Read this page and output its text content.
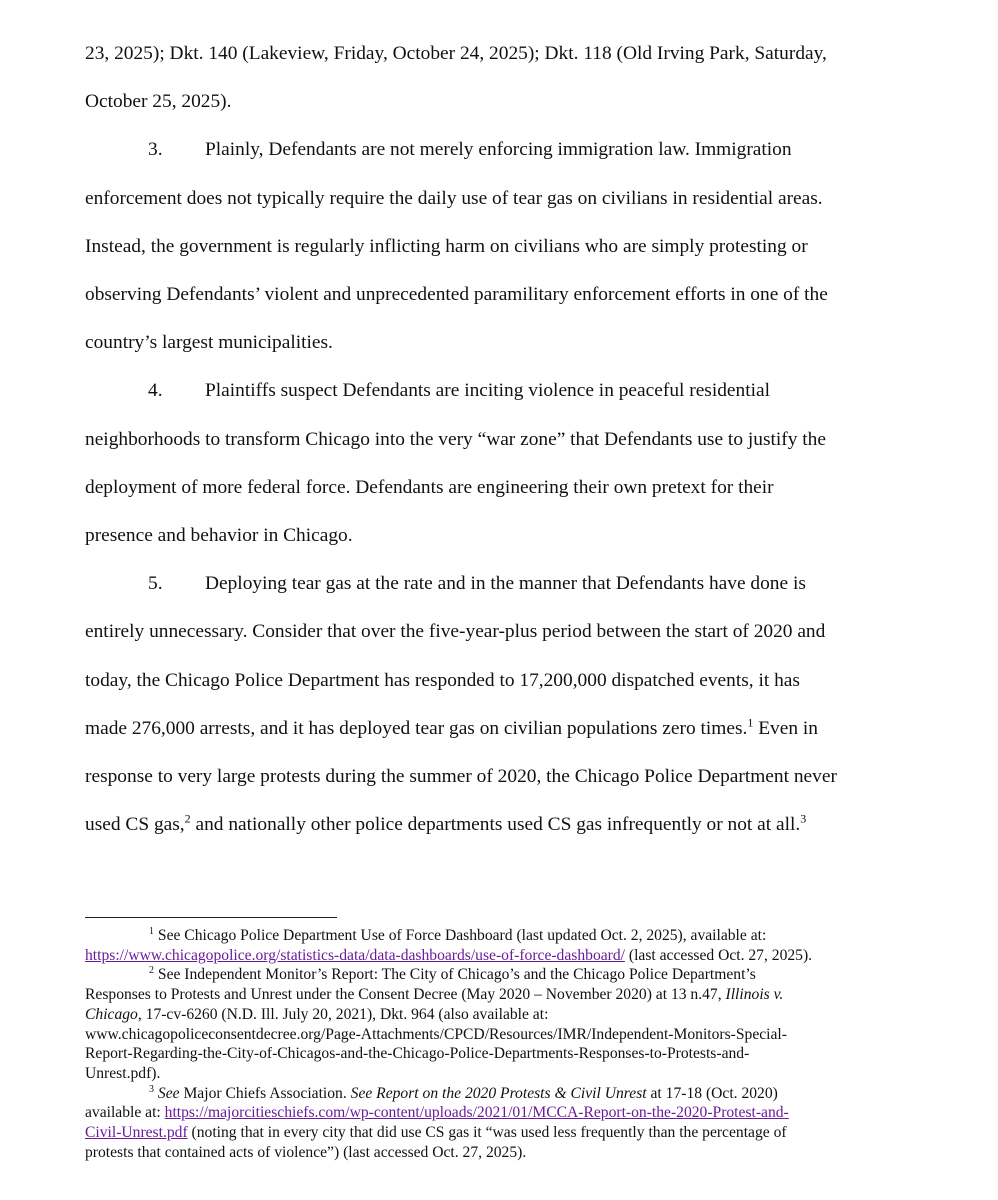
23, 2025); Dkt. 140 (Lakeview, Friday, October 24, 2025); Dkt. 118 (Old Irving Park, Saturday,
October 25, 2025).

3. Plainly, Defendants are not merely enforcing immigration law. Immigration
enforcement does not typically require the daily use of tear gas on civilians in residential areas.
Instead, the government is regularly inflicting harm on civilians who are simply protesting or
observing Defendants’ violent and unprecedented paramilitary enforcement efforts in one of the
country’s largest municipalities.

4. Plaintiffs suspect Defendants are inciting violence in peaceful residential
neighborhoods to transform Chicago into the very “war zone” that Defendants use to justify the
deployment of more federal force. Defendants are engineering their own pretext for their
presence and behavior in Chicago.

5. Deploying tear gas at the rate and in the manner that Defendants have done is
entirely unnecessary. Consider that over the five-year-plus period between the start of 2020 and
today, the Chicago Police Department has responded to 17,200,000 dispatched events, it has
made 276,000 arrests, and it has deployed tear gas on civilian populations zero times.$^1$ Even in
response to very large protests during the summer of 2020, the Chicago Police Department never
used CS gas,$^2$ and nationally other police departments used CS gas infrequently or not at all.$^3$

$^1$ See Chicago Police Department Use of Force Dashboard (last updated Oct. 2, 2025), available at:
https://www.chicagopolice.org/statistics-data/data-dashboards/use-of-force-dashboard/ (last accessed Oct. 27, 2025).
$^2$ See Independent Monitor’s Report: The City of Chicago’s and the Chicago Police Department’s
Responses to Protests and Unrest under the Consent Decree (May 2020 – November 2020) at 13 n.47, Illinois v.
Chicago, 17-cv-6260 (N.D. Ill. July 20, 2021), Dkt. 964 (also available at:
www.chicagopoliceconsentdecree.org/Page-Attachments/CPCD/Resources/IMR/Independent-Monitors-Special-
Report-Regarding-the-City-of-Chicagos-and-the-Chicago-Police-Departments-Responses-to-Protests-and-
Unrest.pdf).
$^3$ See Major Chiefs Association. See Report on the 2020 Protests & Civil Unrest at 17-18 (Oct. 2020)
available at: https://majorcitieschiefs.com/wp-content/uploads/2021/01/MCCA-Report-on-the-2020-Protest-and-
Civil-Unrest.pdf (noting that in every city that did use CS gas it “was used less frequently than the percentage of
protests that contained acts of violence”) (last accessed Oct. 27, 2025).
